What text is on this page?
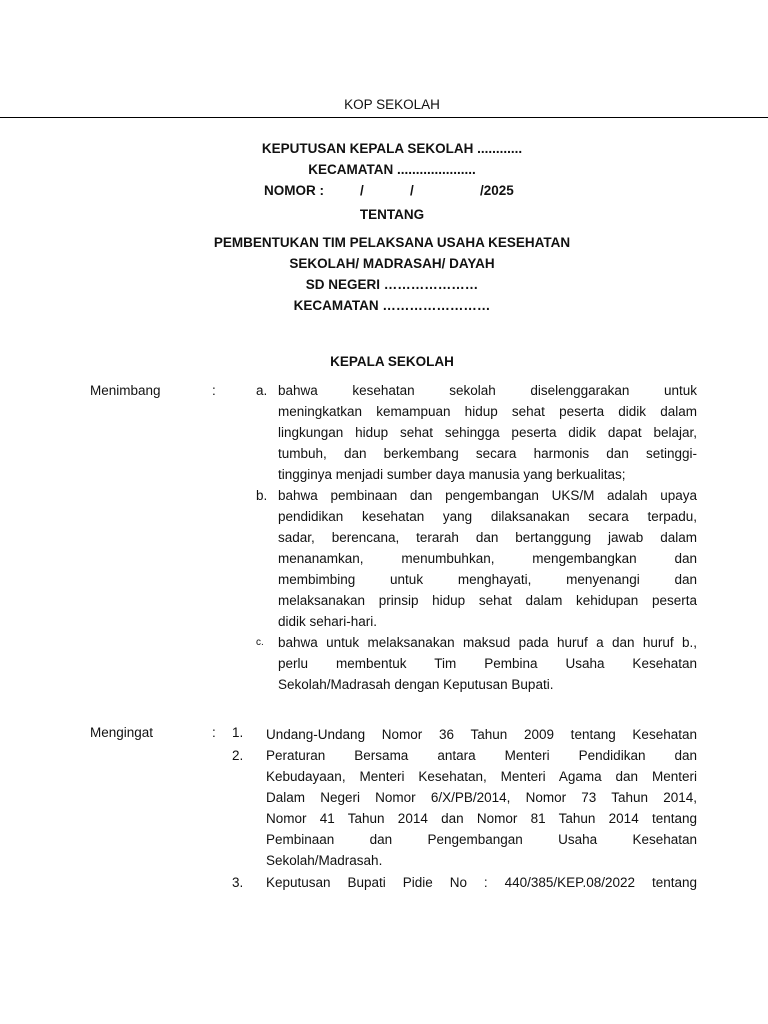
KOP SEKOLAH
KEPUTUSAN KEPALA SEKOLAH ............
KECAMATAN .....................
NOMOR :	/	/	/2025
TENTANG
PEMBENTUKAN TIM PELAKSANA USAHA KESEHATAN
SEKOLAH/ MADRASAH/ DAYAH
SD NEGERI …………………
KECAMATAN ……………………
KEPALA SEKOLAH
Menimbang	:	a. bahwa kesehatan sekolah diselenggarakan untuk
meningkatkan kemampuan hidup sehat peserta didik dalam
lingkungan hidup sehat sehingga peserta didik dapat belajar,
tumbuh, dan berkembang secara harmonis dan setinggi-
tingginya menjadi sumber daya manusia yang berkualitas;
b. bahwa pembinaan dan pengembangan UKS/M adalah upaya
pendidikan kesehatan yang dilaksanakan secara terpadu,
sadar, berencana, terarah dan bertanggung jawab dalam
menanamkan, menumbuhkan, mengembangkan dan
membimbing untuk menghayati, menyenangi dan
melaksanakan prinsip hidup sehat dalam kehidupan peserta
didik sehari-hari.
c. bahwa untuk melaksanakan maksud pada huruf a dan huruf b.,
perlu membentuk Tim Pembina Usaha Kesehatan
Sekolah/Madrasah dengan Keputusan Bupati.
Mengingat	: 1. Undang-Undang Nomor 36 Tahun 2009 tentang Kesehatan
2. Peraturan Bersama antara Menteri Pendidikan dan
Kebudayaan, Menteri Kesehatan, Menteri Agama dan Menteri
Dalam Negeri Nomor 6/X/PB/2014, Nomor 73 Tahun 2014,
Nomor 41 Tahun 2014 dan Nomor 81 Tahun 2014 tentang
Pembinaan dan Pengembangan Usaha Kesehatan
Sekolah/Madrasah.
3. Keputusan Bupati Pidie No : 440/385/KEP.08/2022 tentang
